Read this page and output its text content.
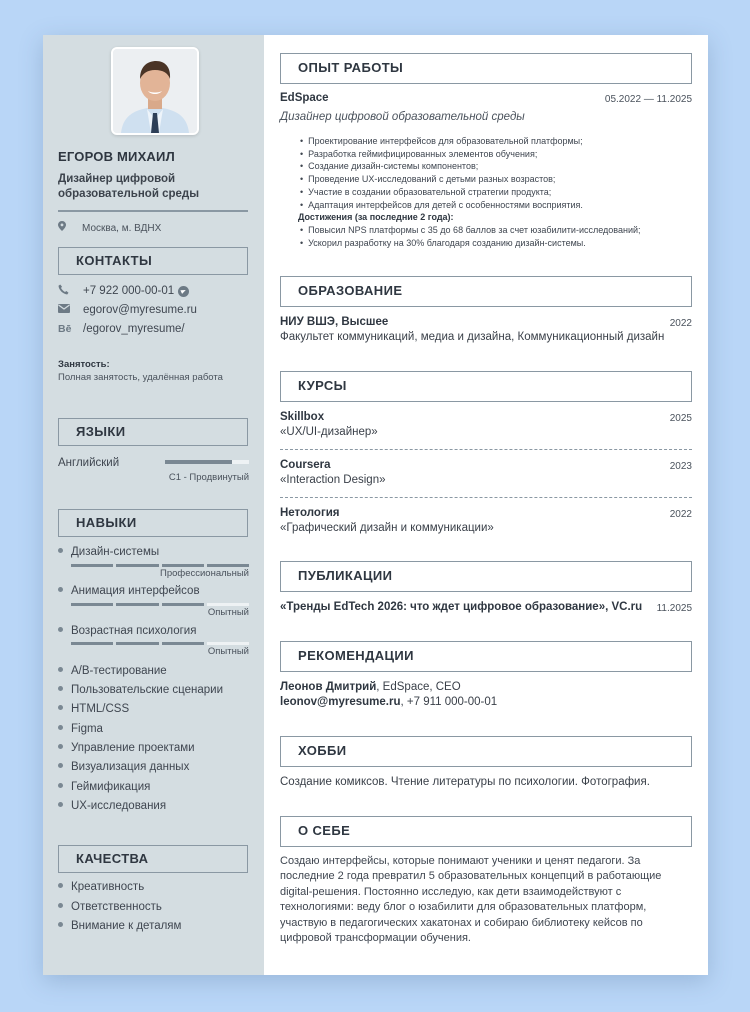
ЕГОРОВ МИХАИЛ
Дизайнер цифровой образовательной среды
Москва, м. ВДНХ
КОНТАКТЫ
+7 922 000-00-01
egorov@myresume.ru
Bē	/egorov_myresume/
Занятость:
Полная занятость, удалённая работа
ЯЗЫКИ
Английский
C1 - Продвинутый
НАВЫКИ
Дизайн-системы
Профессиональный
Анимация интерфейсов
Опытный
Возрастная психология
Опытный
A/B-тестирование
Пользовательские сценарии
HTML/CSS
Figma
Управление проектами
Визуализация данных
Геймификация
UX-исследования
КАЧЕСТВА
Креативность
Ответственность
Внимание к деталям
ОПЫТ РАБОТЫ
EdSpace	05.2022 — 11.2025
Дизайнер цифровой образовательной среды
• Проектирование интерфейсов для образовательной платформы;
• Разработка геймифицированных элементов обучения;
• Создание дизайн-системы компонентов;
• Проведение UX-исследований с детьми разных возрастов;
• Участие в создании образовательной стратегии продукта;
• Адаптация интерфейсов для детей с особенностями восприятия.
Достижения (за последние 2 года):
• Повысил NPS платформы с 35 до 68 баллов за счет юзабилити-исследований;
• Ускорил разработку на 30% благодаря созданию дизайн-системы.
ОБРАЗОВАНИЕ
НИУ ВШЭ, Высшее	2022
Факультет коммуникаций, медиа и дизайна, Коммуникационный дизайн
КУРСЫ
Skillbox	2025
«UX/UI-дизайнер»
Coursera	2023
«Interaction Design»
Нетология	2022
«Графический дизайн и коммуникации»
ПУБЛИКАЦИИ
«Тренды EdTech 2026: что ждет цифровое образование», VC.ru 11.2025
РЕКОМЕНДАЦИИ
Леонов Дмитрий, EdSpace, CEO
leonov@myresume.ru, +7 911 000-00-01
ХОББИ
Создание комиксов. Чтение литературы по психологии. Фотография.
О СЕБЕ
Создаю интерфейсы, которые понимают ученики и ценят педагоги. За последние 2 года превратил 5 образовательных концепций в работающие digital-решения. Постоянно исследую, как дети взаимодействуют с технологиями: веду блог о юзабилити для образовательных платформ, участвую в педагогических хакатонах и собираю библиотеку кейсов по цифровой трансформации обучения.
